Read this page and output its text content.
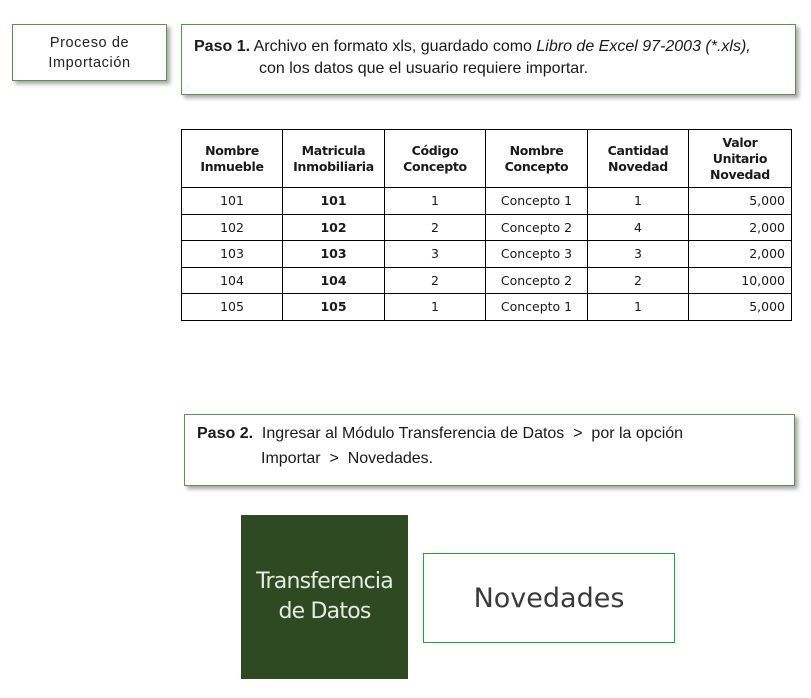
Proceso de
Importación
Paso 1. Archivo en formato xls, guardado como Libro de Excel 97-2003 (*.xls),
con los datos que el usuario requiere importar.
Nombre Inmueble	Matricula Inmobiliaria	Código Concepto	Nombre Concepto	Cantidad Novedad	Valor Unitario Novedad
101	101	1	Concepto 1	1	5,000
102	102	2	Concepto 2	4	2,000
103	103	3	Concepto 3	3	2,000
104	104	2	Concepto 2	2	10,000
105	105	1	Concepto 1	1	5,000
Paso 2.  Ingresar al Módulo Transferencia de Datos  >  por la opción
Importar  >  Novedades.
Transferencia
de Datos	Novedades
